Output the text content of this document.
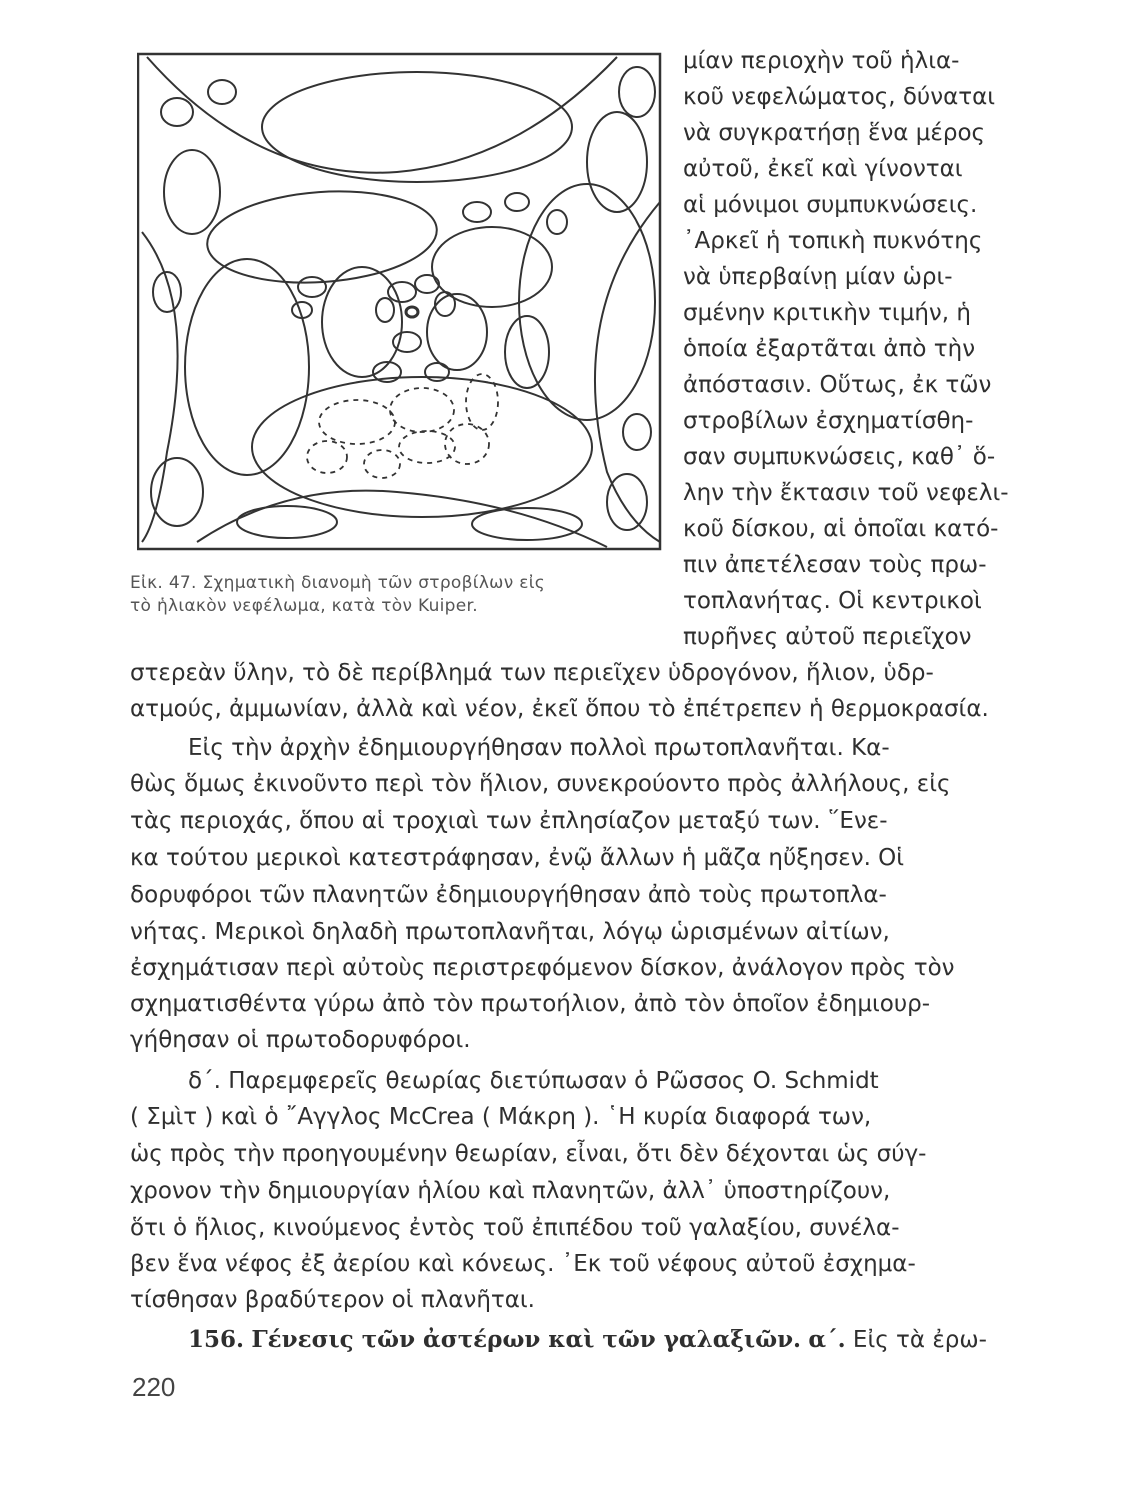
Εἰκ. 47. Σχηματικὴ διανομὴ τῶν στροβίλων εἰς
τὸ ἡλιακὸν νεφέλωμα, κατὰ τὸν Kuiper.
μίαν περιοχὴν τοῦ ἡλια-
κοῦ νεφελώματος, δύναται
νὰ συγκρατήσῃ ἕνα μέρος
αὐτοῦ, ἐκεῖ καὶ γίνονται
αἱ μόνιμοι συμπυκνώσεις.
᾿Αρκεῖ ἡ τοπικὴ πυκνότης
νὰ ὑπερβαίνῃ μίαν ὡρι-
σμένην κριτικὴν τιμήν, ἡ
ὁποία ἐξαρτᾶται ἀπὸ τὴν
ἀπόστασιν. Οὕτως, ἐκ τῶν
στροβίλων ἐσχηματίσθη-
σαν συμπυκνώσεις, καθ᾿ ὅ-
λην τὴν ἔκτασιν τοῦ νεφελι-
κοῦ δίσκου, αἱ ὁποῖαι κατό-
πιν ἀπετέλεσαν τοὺς πρω-
τοπλανήτας. Οἱ κεντρικοὶ
πυρῆνες αὐτοῦ περιεῖχον
στερεὰν ὕλην, τὸ δὲ περίβλημά των περιεῖχεν ὑδρογόνον, ἥλιον, ὑδρ-
ατμούς, ἀμμωνίαν, ἀλλὰ καὶ νέον, ἐκεῖ ὅπου τὸ ἐπέτρεπεν ἡ θερμοκρασία.
Εἰς τὴν ἀρχὴν ἐδημιουργήθησαν πολλοὶ πρωτοπλανῆται. Κα-
θὼς ὅμως ἐκινοῦντο περὶ τὸν ἥλιον, συνεκρούοντο πρὸς ἀλλήλους, εἰς
τὰς περιοχάς, ὅπου αἱ τροχιαὶ των ἐπλησίαζον μεταξύ των. ῞Ενε-
κα τούτου μερικοὶ κατεστράφησαν, ἐνῷ ἄλλων ἡ μᾶζα ηὔξησεν. Οἱ
δορυφόροι τῶν πλανητῶν ἐδημιουργήθησαν ἀπὸ τοὺς πρωτοπλα-
νήτας. Μερικοὶ δηλαδὴ πρωτοπλανῆται, λόγῳ ὡρισμένων αἰτίων,
ἐσχημάτισαν περὶ αὐτοὺς περιστρεφόμενον δίσκον, ἀνάλογον πρὸς τὸν
σχηματισθέντα γύρω ἀπὸ τὸν πρωτοήλιον, ἀπὸ τὸν ὁποῖον ἐδημιουρ-
γήθησαν οἱ πρωτοδορυφόροι.
δ΄. Παρεμφερεῖς θεωρίας διετύπωσαν ὁ Ρῶσσος O. Schmidt
( Σμὶτ ) καὶ ὁ ῎Αγγλος McCrea ( Μάκρη ). ῾Η κυρία διαφορά των,
ὡς πρὸς τὴν προηγουμένην θεωρίαν, εἶναι, ὅτι δὲν δέχονται ὡς σύγ-
χρονον τὴν δημιουργίαν ἡλίου καὶ πλανητῶν, ἀλλ᾿ ὑποστηρίζουν,
ὅτι ὁ ἥλιος, κινούμενος ἐντὸς τοῦ ἐπιπέδου τοῦ γαλαξίου, συνέλα-
βεν ἕνα νέφος ἐξ ἀερίου καὶ κόνεως. ᾿Εκ τοῦ νέφους αὐτοῦ ἐσχημα-
τίσθησαν βραδύτερον οἱ πλανῆται.
156. Γένεσις τῶν ἀστέρων καὶ τῶν γαλαξιῶν. α΄. Εἰς τὰ ἐρω-
220
